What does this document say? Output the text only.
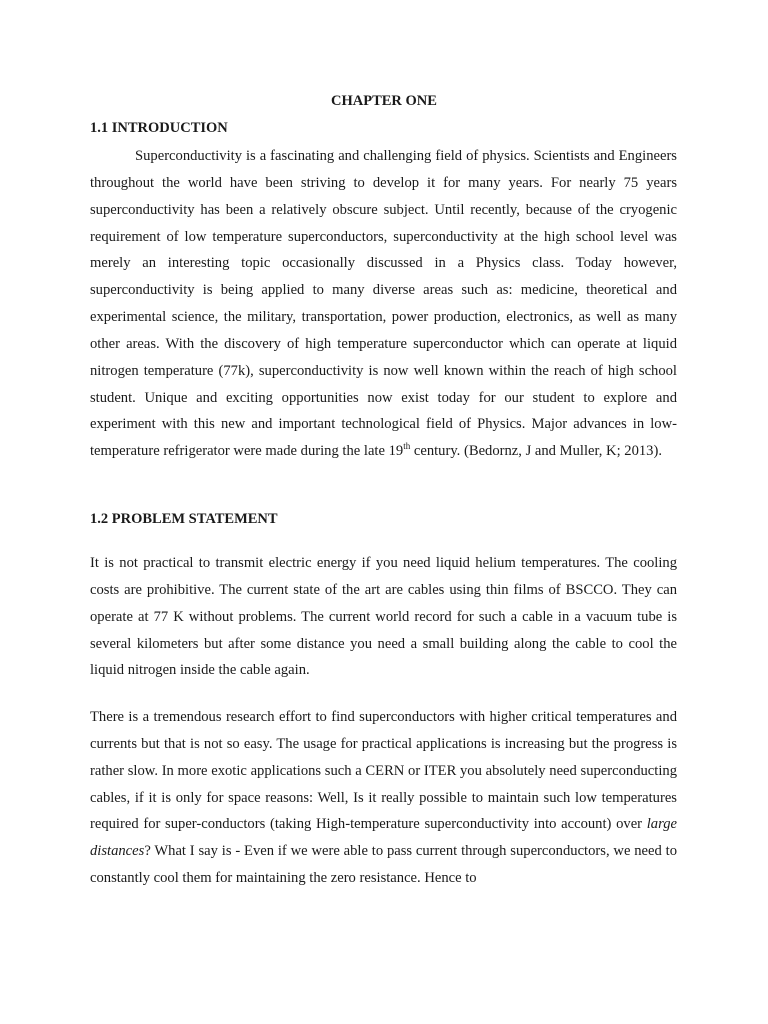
CHAPTER ONE
1.1 INTRODUCTION

Superconductivity is a fascinating and challenging field of physics. Scientists and Engineers throughout the world have been striving to develop it for many years. For nearly 75 years superconductivity has been a relatively obscure subject. Until recently, because of the cryogenic requirement of low temperature superconductors, superconductivity at the high school level was merely an interesting topic occasionally discussed in a Physics class. Today however, superconductivity is being applied to many diverse areas such as: medicine, theoretical and experimental science, the military, transportation, power production, electronics, as well as many other areas. With the discovery of high temperature superconductor which can operate at liquid nitrogen temperature (77k), superconductivity is now well known within the reach of high school student. Unique and exciting opportunities now exist today for our student to explore and experiment with this new and important technological field of Physics. Major advances in low-temperature refrigerator were made during the late 19th century. (Bedornz, J and Muller, K; 2013).

1.2 PROBLEM STATEMENT

It is not practical to transmit electric energy if you need liquid helium temperatures. The cooling costs are prohibitive. The current state of the art are cables using thin films of BSCCO. They can operate at 77 K without problems. The current world record for such a cable in a vacuum tube is several kilometers but after some distance you need a small building along the cable to cool the liquid nitrogen inside the cable again.

There is a tremendous research effort to find superconductors with higher critical temperatures and currents but that is not so easy. The usage for practical applications is increasing but the progress is rather slow. In more exotic applications such a CERN or ITER you absolutely need superconducting cables, if it is only for space reasons: Well, Is it really possible to maintain such low temperatures required for super-conductors (taking High-temperature superconductivity into account) over large distances? What I say is - Even if we were able to pass current through superconductors, we need to constantly cool them for maintaining the zero resistance. Hence to
